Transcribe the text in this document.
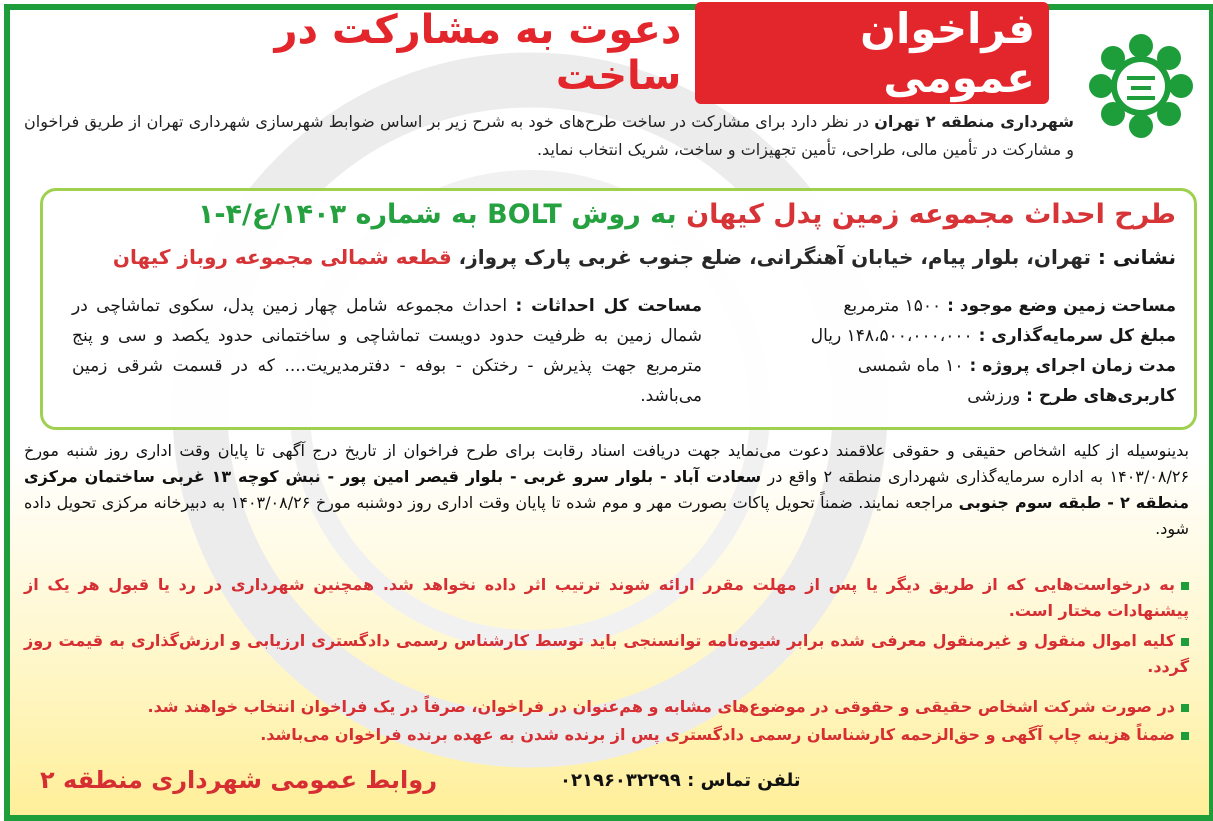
فراخوان عمومی
دعوت به مشارکت در ساخت
شهرداری منطقه ۲ تهران در نظر دارد برای مشارکت در ساخت طرح‌های خود به شرح زیر بر اساس ضوابط شهرسازی شهرداری تهران از طریق فراخوان و مشارکت در تأمین مالی، طراحی، تأمین تجهیزات و ساخت، شریک انتخاب نماید.
طرح احداث مجموعه زمین پدل کیهان به روش BOLT به شماره ۱۴۰۳/ع/۴-۱
نشانی : تهران، بلوار پیام، خیابان آهنگرانی، ضلع جنوب غربی پارک پرواز، قطعه شمالی مجموعه روباز کیهان
مساحت زمین وضع موجود : ۱۵۰۰ مترمربع
مبلغ کل سرمایه‌گذاری : ۱۴۸،۵۰۰،۰۰۰،۰۰۰ ریال
مدت زمان اجرای پروژه : ۱۰ ماه شمسی
کاربری‌های طرح : ورزشی
مساحت کل احداثات : احداث مجموعه شامل چهار زمین پدل، سکوی تماشاچی در شمال زمین به ظرفیت حدود دویست تماشاچی و ساختمانی حدود یکصد و سی و پنج مترمربع جهت پذیرش - رختکن - بوفه - دفترمدیریت.... که در قسمت شرقی زمین می‌باشد.
بدینوسیله از کلیه اشخاص حقیقی و حقوقی علاقمند دعوت می‌نماید جهت دریافت اسناد رقابت برای طرح فراخوان از تاریخ درج آگهی تا پایان وقت اداری روز شنبه مورخ ۱۴۰۳/۰۸/۲۶ به اداره سرمایه‌گذاری شهرداری منطقه ۲ واقع در سعادت آباد - بلوار سرو غربی - بلوار قیصر امین پور - نبش کوچه ۱۳ غربی ساختمان مرکزی منطقه ۲ - طبقه سوم جنوبی مراجعه نمایند. ضمناً تحویل پاکات بصورت مهر و موم شده تا پایان وقت اداری روز دوشنبه مورخ ۱۴۰۳/۰۸/۲۶ به دبیرخانه مرکزی تحویل داده شود.
به درخواست‌هایی که از طریق دیگر یا پس از مهلت مقرر ارائه شوند ترتیب اثر داده نخواهد شد. همچنین شهرداری در رد یا قبول هر یک از پیشنهادات مختار است.
کلیه اموال منقول و غیرمنقول معرفی شده برابر شیوه‌نامه توانسنجی باید توسط کارشناس رسمی دادگستری ارزیابی و ارزش‌گذاری به قیمت روز گردد.
در صورت شرکت اشخاص حقیقی و حقوقی در موضوع‌های مشابه و هم‌عنوان در فراخوان، صرفاً در یک فراخوان انتخاب خواهند شد.
ضمناً هزینه چاپ آگهی و حق‌الزحمه کارشناسان رسمی دادگستری پس از برنده شدن به عهده برنده فراخوان می‌باشد.
روابط عمومی شهرداری منطقه ۲	تلفن تماس : ۰۲۱۹۶۰۳۲۲۹۹
